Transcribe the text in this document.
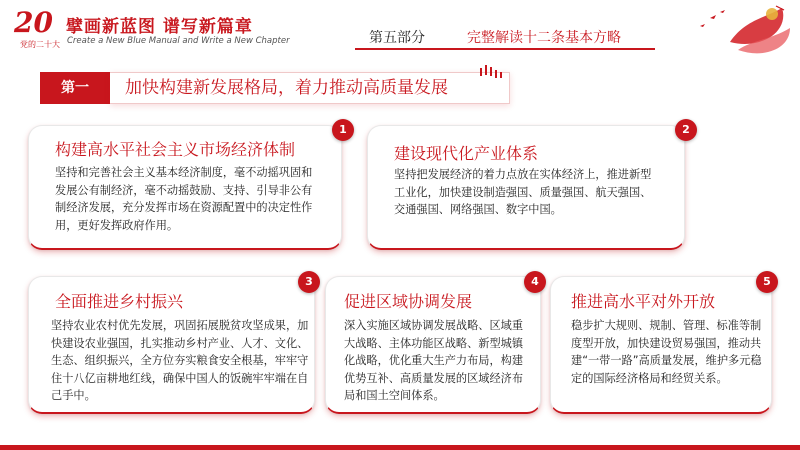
20
党的二十大
擘画新蓝图 谱写新篇章
Create a New Blue Manual and Write a New Chapter	第五部分	完整解读十二条基本方略
第一	加快构建新发展格局，着力推动高质量发展
构建高水平社会主义市场经济体制
坚持和完善社会主义基本经济制度，毫不动摇巩固和发展公有制经济，毫不动摇鼓励、支持、引导非公有制经济发展，充分发挥市场在资源配置中的决定性作用，更好发挥政府作用。
1
建设现代化产业体系
坚持把发展经济的着力点放在实体经济上，推进新型工业化，加快建设制造强国、质量强国、航天强国、交通强国、网络强国、数字中国。
2
全面推进乡村振兴
坚持农业农村优先发展，巩固拓展脱贫攻坚成果，加快建设农业强国，扎实推动乡村产业、人才、文化、生态、组织振兴，全方位夯实粮食安全根基，牢牢守住十八亿亩耕地红线，确保中国人的饭碗牢牢端在自己手中。
3
促进区域协调发展
深入实施区域协调发展战略、区域重大战略、主体功能区战略、新型城镇化战略，优化重大生产力布局，构建优势互补、高质量发展的区域经济布局和国土空间体系。
4
推进高水平对外开放
稳步扩大规则、规制、管理、标准等制度型开放，加快建设贸易强国，推动共建“一带一路”高质量发展，维护多元稳定的国际经济格局和经贸关系。
5
